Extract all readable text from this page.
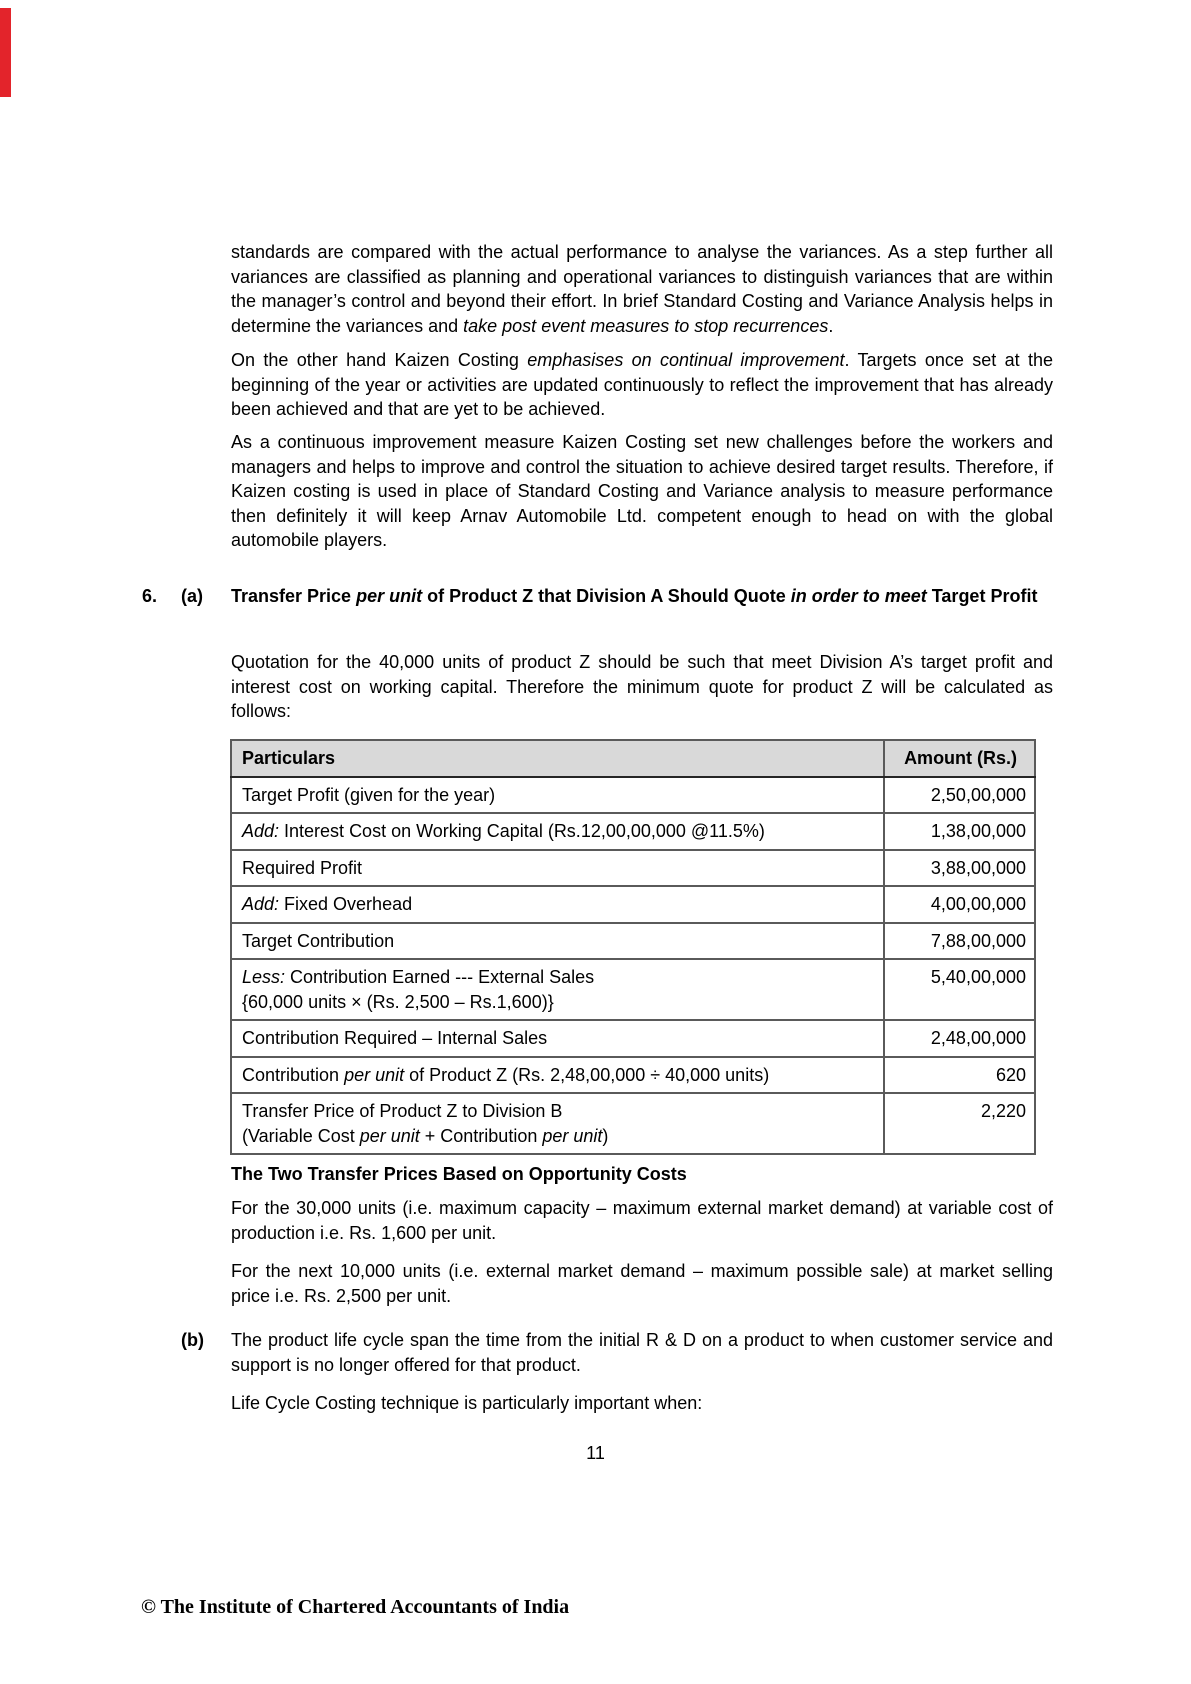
standards are compared with the actual performance to analyse the variances. As a step further all variances are classified as planning and operational variances to distinguish variances that are within the manager’s control and beyond their effort. In brief Standard Costing and Variance Analysis helps in determine the variances and take post event measures to stop recurrences.

On the other hand Kaizen Costing emphasises on continual improvement. Targets once set at the beginning of the year or activities are updated continuously to reflect the improvement that has already been achieved and that are yet to be achieved.

As a continuous improvement measure Kaizen Costing set new challenges before the workers and managers and helps to improve and control the situation to achieve desired target results. Therefore, if Kaizen costing is used in place of Standard Costing and Variance analysis to measure performance then definitely it will keep Arnav Automobile Ltd. competent enough to head on with the global automobile players.

6.	(a)	Transfer Price per unit of Product Z that Division A Should Quote in order to meet Target Profit

Quotation for the 40,000 units of product Z should be such that meet Division A’s target profit and interest cost on working capital. Therefore the minimum quote for product Z will be calculated as follows:

Particulars	Amount (Rs.)
Target Profit (given for the year)	2,50,00,000
Add: Interest Cost on Working Capital (Rs.12,00,00,000 @11.5%)	1,38,00,000
Required Profit	3,88,00,000
Add: Fixed Overhead	4,00,00,000
Target Contribution	7,88,00,000
Less: Contribution Earned --- External Sales
{60,000 units × (Rs. 2,500 – Rs.1,600)}	5,40,00,000
Contribution Required – Internal Sales	2,48,00,000
Contribution per unit of Product Z (Rs. 2,48,00,000 ÷ 40,000 units)	620
Transfer Price of Product Z to Division B
(Variable Cost per unit + Contribution per unit)	2,220
The Two Transfer Prices Based on Opportunity Costs

For the 30,000 units (i.e. maximum capacity – maximum external market demand) at variable cost of production i.e. Rs. 1,600 per unit.

For the next 10,000 units (i.e. external market demand – maximum possible sale) at market selling price i.e. Rs. 2,500 per unit.

(b)	The product life cycle span the time from the initial R & D on a product to when customer service and support is no longer offered for that product.

Life Cycle Costing technique is particularly important when:

11
© The Institute of Chartered Accountants of India
